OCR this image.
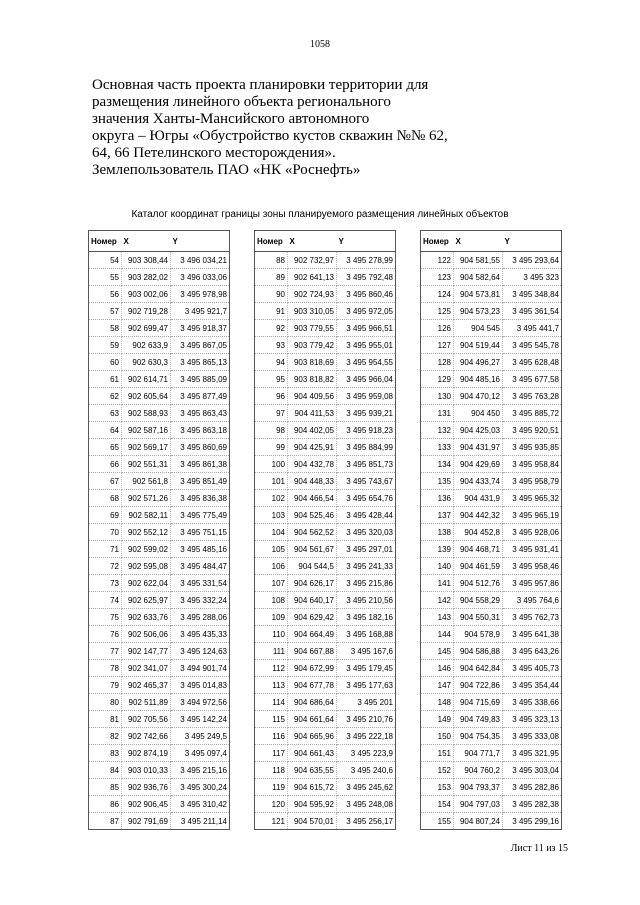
1058
Основная часть проекта планировки территории для
размещения линейного объекта регионального
значения Ханты-Мансийского автономного
округа – Югры «Обустройство кустов скважин №№ 62,
64, 66 Петелинского месторождения».
Землепользователь ПАО «НК «Роснефть»
Каталог координат границы зоны планируемого размещения линейных объектов
Номер	X	Y
54	903 308,44	3 496 034,21
55	903 282,02	3 496 033,06
56	903 002,06	3 495 978,98
57	902 719,28	3 495 921,7
58	902 699,47	3 495 918,37
59	902 633,9	3 495 867,05
60	902 630,3	3 495 865,13
61	902 614,71	3 495 885,09
62	902 605,64	3 495 877,49
63	902 588,93	3 495 863,43
64	902 587,16	3 495 863,18
65	902 569,17	3 495 860,69
66	902 551,31	3 495 861,38
67	902 561,8	3 495 851,49
68	902 571,26	3 495 836,38
69	902 582,11	3 495 775,49
70	902 552,12	3 495 751,15
71	902 599,02	3 495 485,16
72	902 595,08	3 495 484,47
73	902 622,04	3 495 331,54
74	902 625,97	3 495 332,24
75	902 633,76	3 495 288,06
76	902 506,06	3 495 435,33
77	902 147,77	3 495 124,63
78	902 341,07	3 494 901,74
79	902 465,37	3 495 014,83
80	902 511,89	3 494 972,56
81	902 705,56	3 495 142,24
82	902 742,66	3 495 249,5
83	902 874,19	3 495 097,4
84	903 010,33	3 495 215,16
85	902 936,76	3 495 300,24
86	902 906,45	3 495 310,42
87	902 791,69	3 495 211,14
Номер	X	Y
88	902 732,97	3 495 278,99
89	902 641,13	3 495 792,48
90	902 724,93	3 495 860,46
91	903 310,05	3 495 972,05
92	903 779,55	3 495 966,51
93	903 779,42	3 495 955,01
94	903 818,69	3 495 954,55
95	903 818,82	3 495 966,04
96	904 409,56	3 495 959,08
97	904 411,53	3 495 939,21
98	904 402,05	3 495 918,23
99	904 425,91	3 495 884,99
100	904 432,78	3 495 851,73
101	904 448,33	3 495 743,67
102	904 466,54	3 495 654,76
103	904 525,46	3 495 428,44
104	904 562,52	3 495 320,03
105	904 561,67	3 495 297,01
106	904 544,5	3 495 241,33
107	904 626,17	3 495 215,86
108	904 640,17	3 495 210,56
109	904 629,42	3 495 182,16
110	904 664,49	3 495 168,88
111	904 667,88	3 495 167,6
112	904 672,99	3 495 179,45
113	904 677,78	3 495 177,63
114	904 686,64	3 495 201
115	904 661,64	3 495 210,76
116	904 665,96	3 495 222,18
117	904 661,43	3 495 223,9
118	904 635,55	3 495 240,6
119	904 615,72	3 495 245,62
120	904 595,92	3 495 248,08
121	904 570,01	3 495 256,17
Номер	X	Y
122	904 581,55	3 495 293,64
123	904 582,64	3 495 323
124	904 573,81	3 495 348,84
125	904 573,23	3 495 361,54
126	904 545	3 495 441,7
127	904 519,44	3 495 545,78
128	904 496,27	3 495 628,48
129	904 485,16	3 495 677,58
130	904 470,12	3 495 763,28
131	904 450	3 495 885,72
132	904 425,03	3 495 920,51
133	904 431,97	3 495 935,85
134	904 429,69	3 495 958,84
135	904 433,74	3 495 958,79
136	904 431,9	3 495 965,32
137	904 442,32	3 495 965,19
138	904 452,8	3 495 928,06
139	904 468,71	3 495 931,41
140	904 461,59	3 495 958,46
141	904 512,76	3 495 957,86
142	904 558,29	3 495 764,6
143	904 550,31	3 495 762,73
144	904 578,9	3 495 641,38
145	904 586,88	3 495 643,26
146	904 642,84	3 495 405,73
147	904 722,86	3 495 354,44
148	904 715,69	3 495 338,66
149	904 749,83	3 495 323,13
150	904 754,35	3 495 333,08
151	904 771,7	3 495 321,95
152	904 760,2	3 495 303,04
153	904 793,37	3 495 282,86
154	904 797,03	3 495 282,38
155	904 807,24	3 495 299,16
Лист 11 из 15
